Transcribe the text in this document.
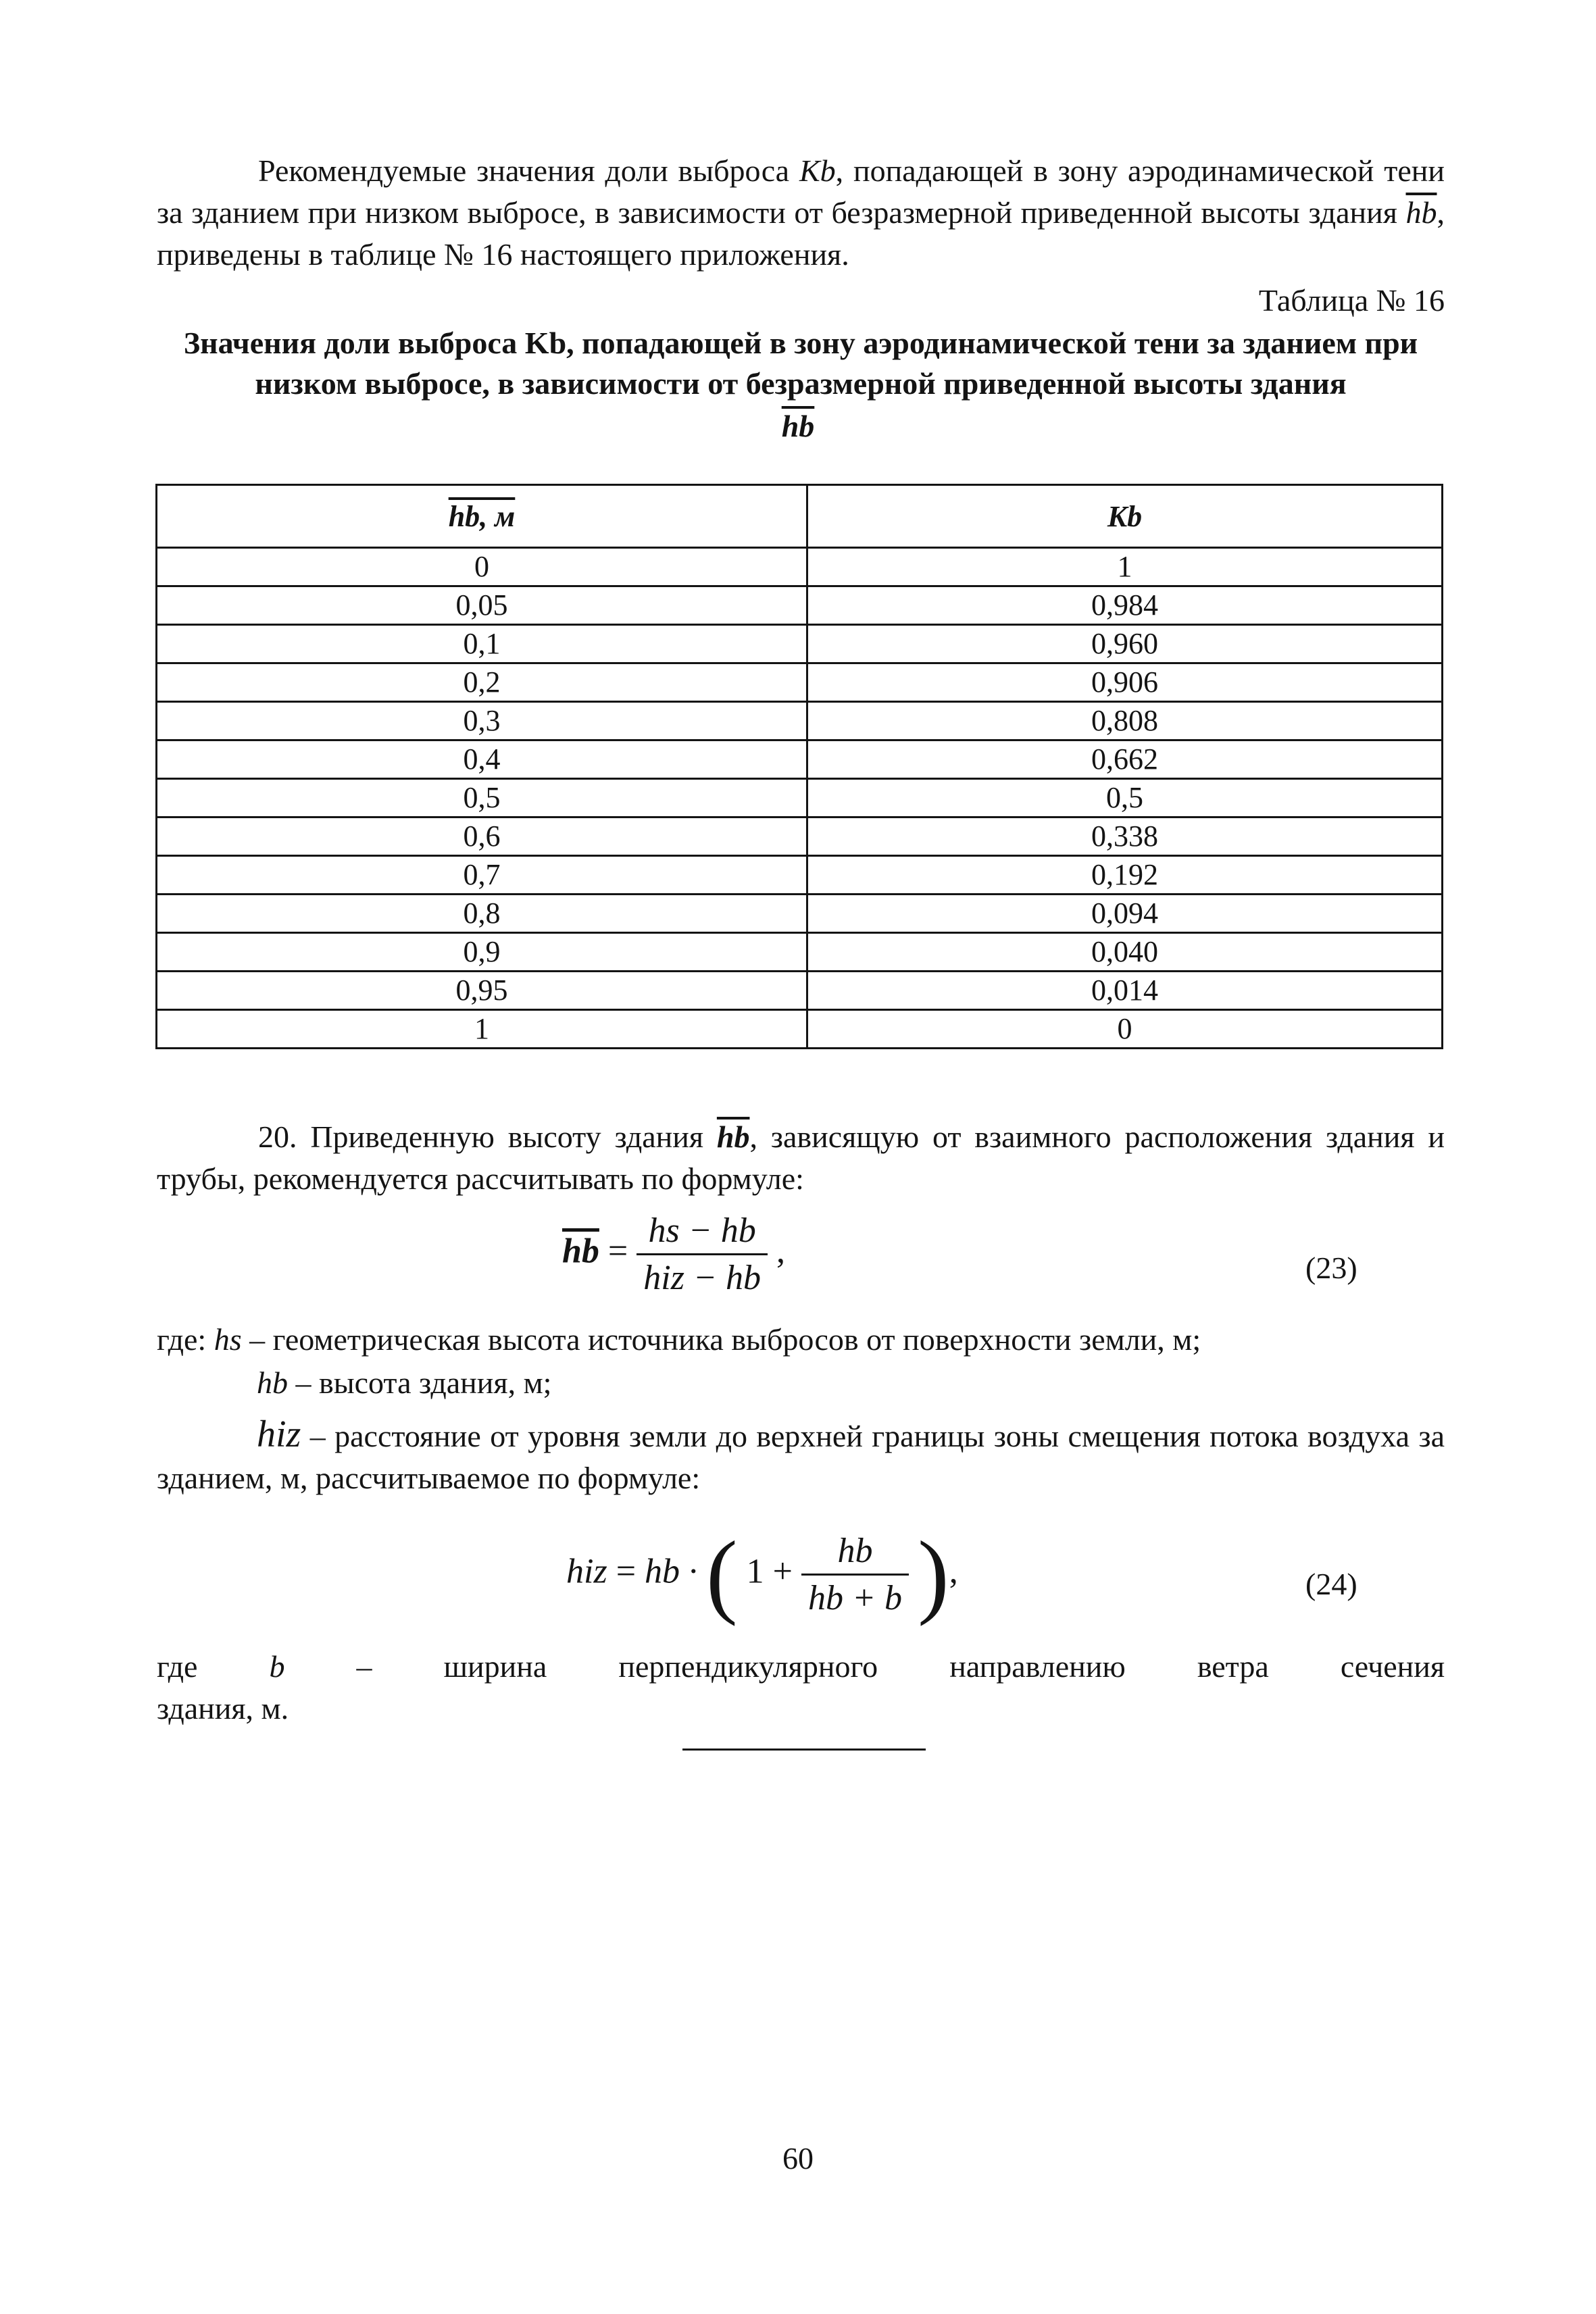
Рекомендуемые значения доли выброса Kb, попадающей в зону аэродинамической тени за зданием при низком выбросе, в зависимости от безразмерной приведенной высоты здания $\overline{hb}$, приведены в таблице № 16 настоящего приложения.
Таблица № 16
Значения доли выброса Kb, попадающей в зону аэродинамической тени за зданием при низком выбросе, в зависимости от безразмерной приведенной высоты здания
$\overline{hb}$
hb, м	Kb
0	1
0,05	0,984
0,1	0,960
0,2	0,906
0,3	0,808
0,4	0,662
0,5	0,5
0,6	0,338
0,7	0,192
0,8	0,094
0,9	0,040
0,95	0,014
1	0
20. Приведенную высоту здания $\overline{hb}$, зависящую от взаимного расположения здания и трубы, рекомендуется рассчитывать по формуле:
$\overline{hb} = \frac{hs - hb}{\text{hiz − hb}}$ ,	(23)
где: hs – геометрическая высота источника выбросов от поверхности земли, м;
hb – высота здания, м;
hiz – расстояние от уровня земли до верхней границы зоны смещения потока воздуха за зданием, м, рассчитываемое по формуле:
hiz = hb · ( $1 + \frac{hb}{hb + b}$ ),	(24)
где b – ширина перпендикулярного направлению ветра сечения
здания, м.
60
